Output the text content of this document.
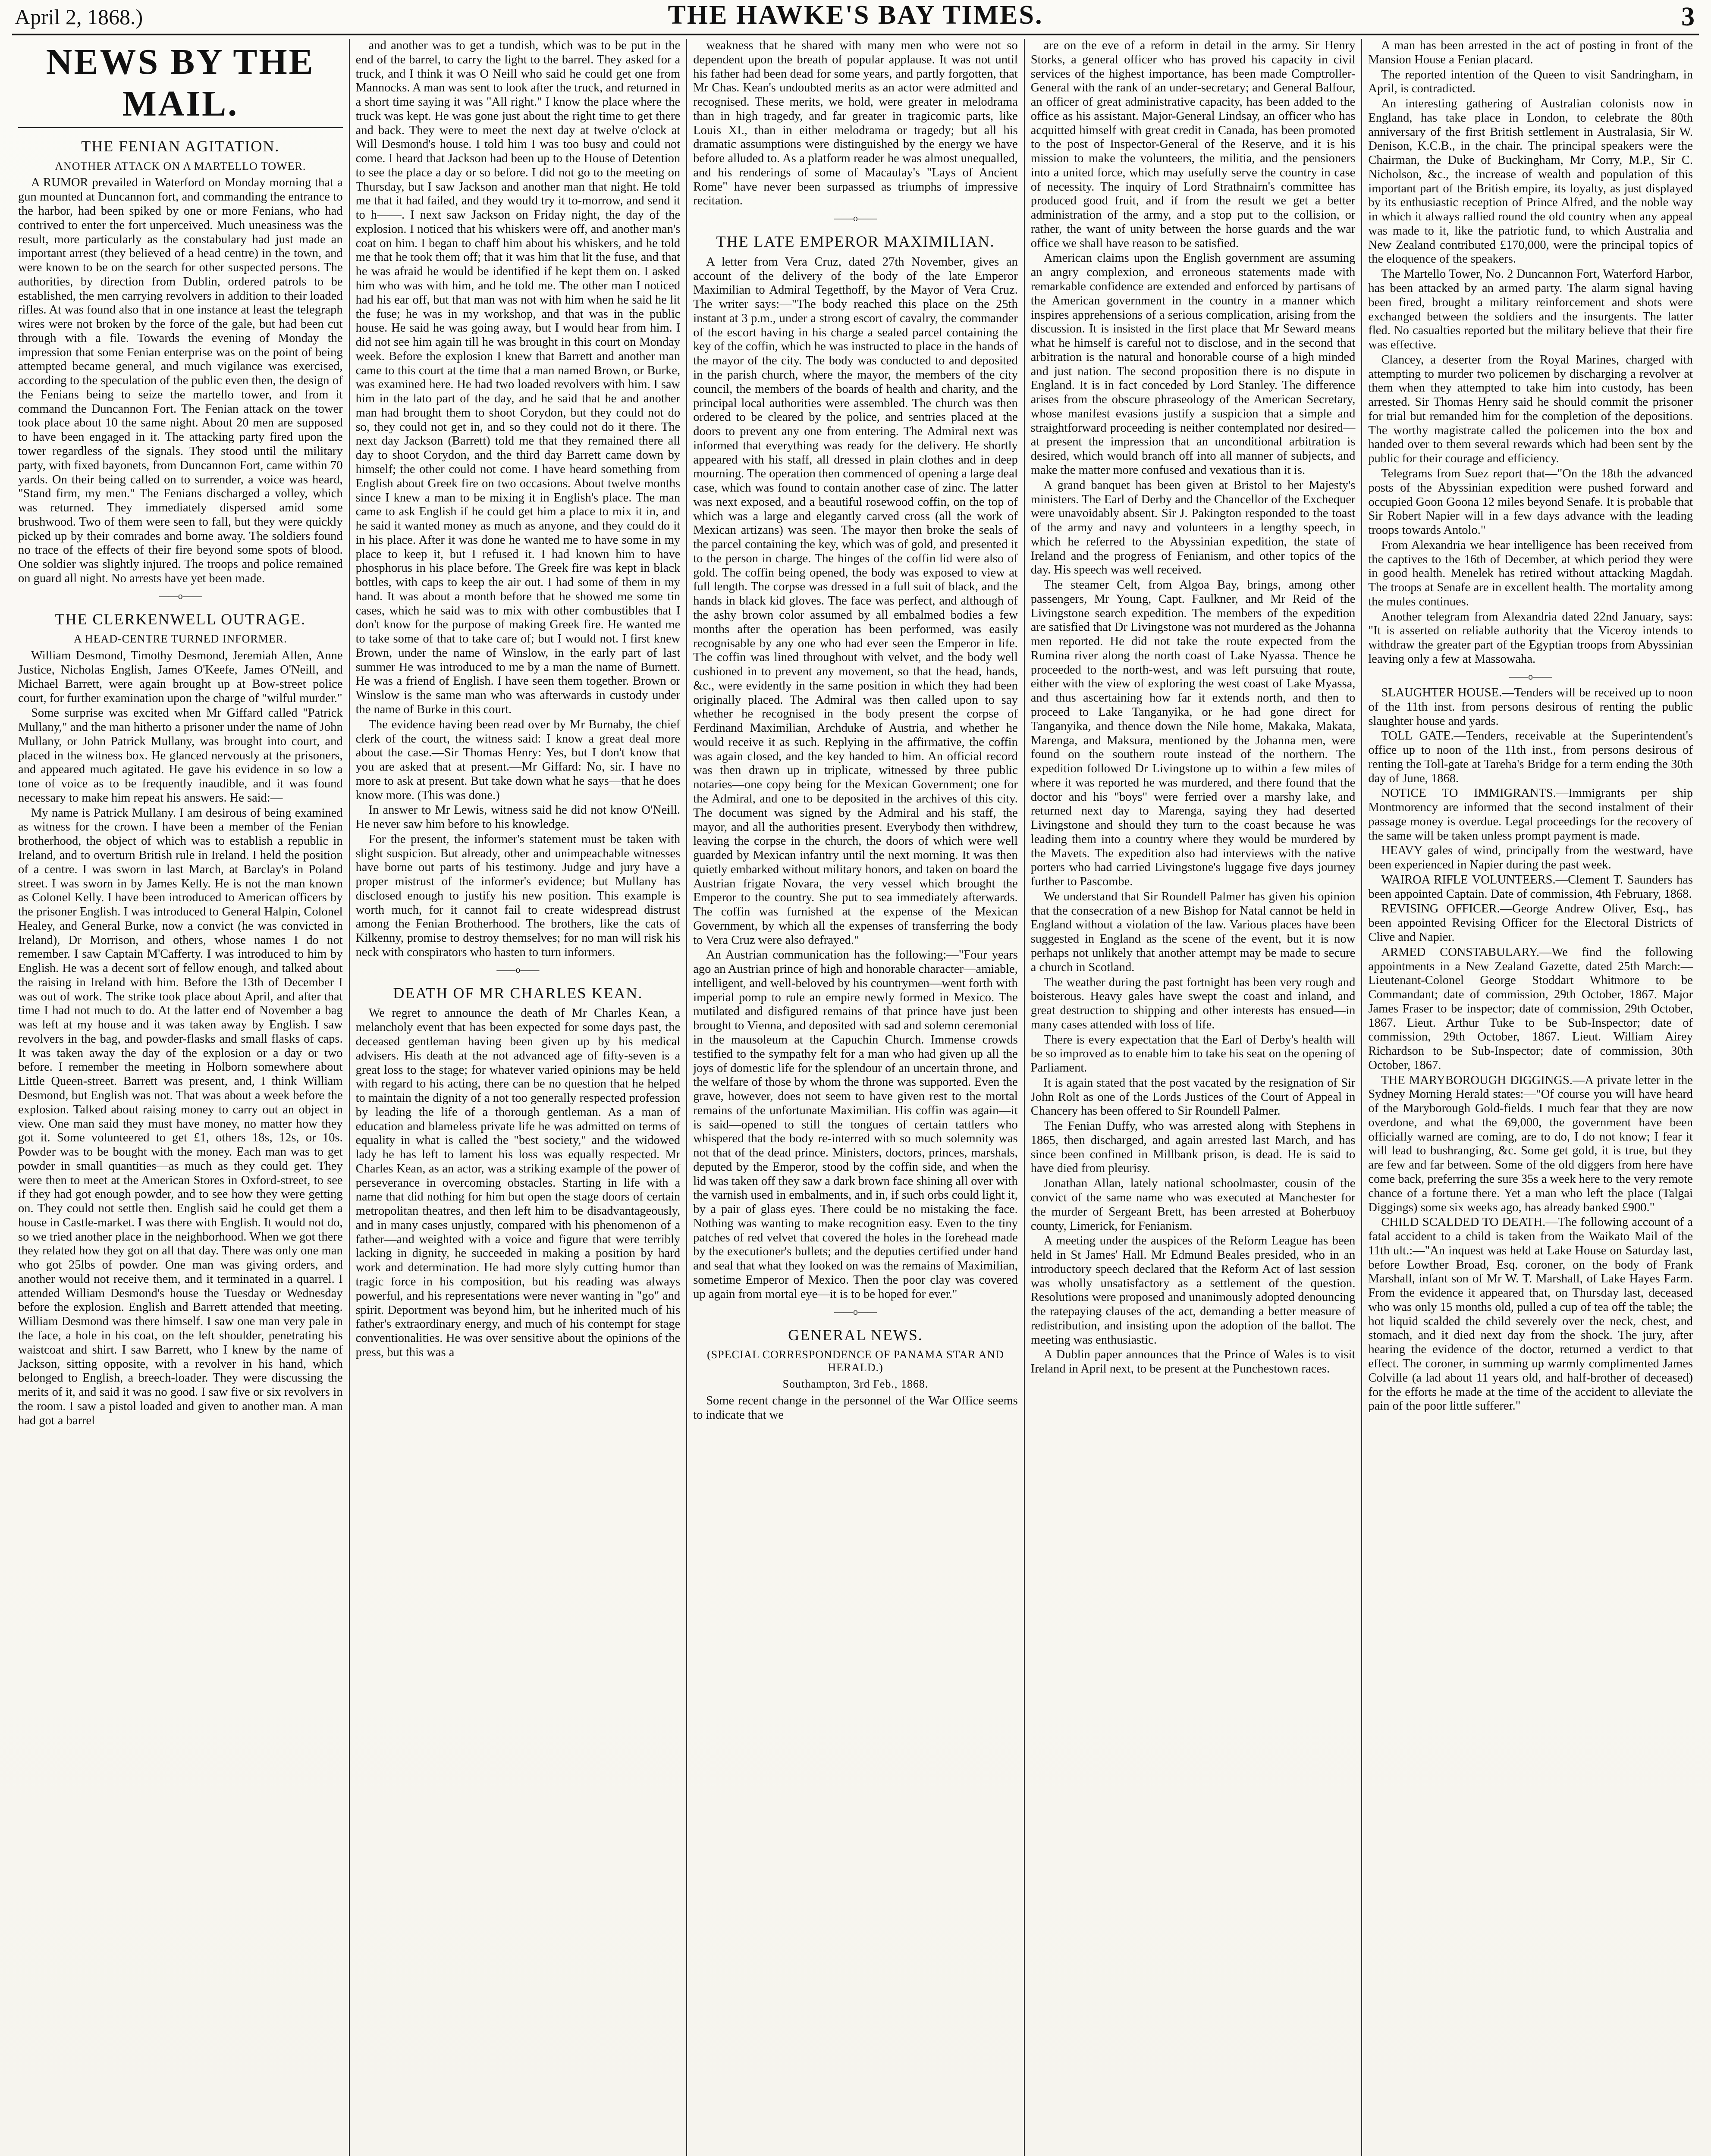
April 2, 1868.)	THE HAWKE'S BAY TIMES.	3
NEWS BY THE MAIL.
THE FENIAN AGITATION.
ANOTHER ATTACK ON A MARTELLO TOWER.

A RUMOR prevailed in Waterford on Monday morning that a gun mounted at Duncannon fort, and commanding the entrance to the harbor, had been spiked by one or more Fenians, who had contrived to enter the fort unperceived. Much uneasiness was the result, more particularly as the constabulary had just made an important arrest (they believed of a head centre) in the town, and were known to be on the search for other suspected persons. The authorities, by direction from Dublin, ordered patrols to be established, the men carrying revolvers in addition to their loaded rifles. At was found also that in one instance at least the telegraph wires were not broken by the force of the gale, but had been cut through with a file. Towards the evening of Monday the impression that some Fenian enterprise was on the point of being attempted became general, and much vigilance was exercised, according to the speculation of the public even then, the design of the Fenians being to seize the martello tower, and from it command the Duncannon Fort. The Fenian attack on the tower took place about 10 the same night. About 20 men are supposed to have been engaged in it. The attacking party fired upon the tower regardless of the signals. They stood until the military party, with fixed bayonets, from Duncannon Fort, came within 70 yards. On their being called on to surrender, a voice was heard, "Stand firm, my men." The Fenians discharged a volley, which was returned. They immediately dispersed amid some brushwood. Two of them were seen to fall, but they were quickly picked up by their comrades and borne away. The soldiers found no trace of the effects of their fire beyond some spots of blood. One soldier was slightly injured. The troops and police remained on guard all night. No arrests have yet been made.

——o——
THE CLERKENWELL OUTRAGE.
A HEAD-CENTRE TURNED INFORMER.

William Desmond, Timothy Desmond, Jeremiah Allen, Anne Justice, Nicholas English, James O'Keefe, James O'Neill, and Michael Barrett, were again brought up at Bow-street police court, for further examination upon the charge of "wilful murder."

Some surprise was excited when Mr Giffard called "Patrick Mullany," and the man hitherto a prisoner under the name of John Mullany, or John Patrick Mullany, was brought into court, and placed in the witness box. He glanced nervously at the prisoners, and appeared much agitated. He gave his evidence in so low a tone of voice as to be frequently inaudible, and it was found necessary to make him repeat his answers. He said:—

My name is Patrick Mullany. I am desirous of being examined as witness for the crown. I have been a member of the Fenian brotherhood, the object of which was to establish a republic in Ireland, and to overturn British rule in Ireland. I held the position of a centre. I was sworn in last March, at Barclay's in Poland street. I was sworn in by James Kelly. He is not the man known as Colonel Kelly. I have been introduced to American officers by the prisoner English. I was introduced to General Halpin, Colonel Healey, and General Burke, now a convict (he was convicted in Ireland), Dr Morrison, and others, whose names I do not remember. I saw Captain M'Cafferty. I was introduced to him by English. He was a decent sort of fellow enough, and talked about the raising in Ireland with him. Before the 13th of December I was out of work. The strike took place about April, and after that time I had not much to do. At the latter end of November a bag was left at my house and it was taken away by English. I saw revolvers in the bag, and powder-flasks and small flasks of caps. It was taken away the day of the explosion or a day or two before. I remember the meeting in Holborn somewhere about Little Queen-street. Barrett was present, and, I think William Desmond, but English was not. That was about a week before the explosion. Talked about raising money to carry out an object in view. One man said they must have money, no matter how they got it. Some volunteered to get £1, others 18s, 12s, or 10s. Powder was to be bought with the money. Each man was to get powder in small quantities—as much as they could get. They were then to meet at the American Stores in Oxford-street, to see if they had got enough powder, and to see how they were getting on. They could not settle then. English said he could get them a house in Castle-market. I was there with English. It would not do, so we tried another place in the neighborhood. When we got there they related how they got on all that day. There was only one man who got 25lbs of powder. One man was giving orders, and another would not receive them, and it terminated in a quarrel. I attended William Desmond's house the Tuesday or Wednesday before the explosion. English and Barrett attended that meeting. William Desmond was there himself. I saw one man very pale in the face, a hole in his coat, on the left shoulder, penetrating his waistcoat and shirt. I saw Barrett, who I knew by the name of Jackson, sitting opposite, with a revolver in his hand, which belonged to English, a breech-loader. They were discussing the merits of it, and said it was no good. I saw five or six revolvers in the room. I saw a pistol loaded and given to another man. A man had got a barrel

and another was to get a tundish, which was to be put in the end of the barrel, to carry the light to the barrel. They asked for a truck, and I think it was O Neill who said he could get one from Mannocks. A man was sent to look after the truck, and returned in a short time saying it was "All right." I know the place where the truck was kept. He was gone just about the right time to get there and back. They were to meet the next day at twelve o'clock at Will Desmond's house. I told him I was too busy and could not come. I heard that Jackson had been up to the House of Detention to see the place a day or so before. I did not go to the meeting on Thursday, but I saw Jackson and another man that night. He told me that it had failed, and they would try it to-morrow, and send it to h——. I next saw Jackson on Friday night, the day of the explosion. I noticed that his whiskers were off, and another man's coat on him. I began to chaff him about his whiskers, and he told me that he took them off; that it was him that lit the fuse, and that he was afraid he would be identified if he kept them on. I asked him who was with him, and he told me. The other man I noticed had his ear off, but that man was not with him when he said he lit the fuse; he was in my workshop, and that was in the public house. He said he was going away, but I would hear from him. I did not see him again till he was brought in this court on Monday week. Before the explosion I knew that Barrett and another man came to this court at the time that a man named Brown, or Burke, was examined here. He had two loaded revolvers with him. I saw him in the lato part of the day, and he said that he and another man had brought them to shoot Corydon, but they could not do so, they could not get in, and so they could not do it there. The next day Jackson (Barrett) told me that they remained there all day to shoot Corydon, and the third day Barrett came down by himself; the other could not come. I have heard something from English about Greek fire on two occasions. About twelve months since I knew a man to be mixing it in English's place. The man came to ask English if he could get him a place to mix it in, and he said it wanted money as much as anyone, and they could do it in his place. After it was done he wanted me to have some in my place to keep it, but I refused it. I had known him to have phosphorus in his place before. The Greek fire was kept in black bottles, with caps to keep the air out. I had some of them in my hand. It was about a month before that he showed me some tin cases, which he said was to mix with other combustibles that I don't know for the purpose of making Greek fire. He wanted me to take some of that to take care of; but I would not. I first knew Brown, under the name of Winslow, in the early part of last summer He was introduced to me by a man the name of Burnett. He was a friend of English. I have seen them together. Brown or Winslow is the same man who was afterwards in custody under the name of Burke in this court.

The evidence having been read over by Mr Burnaby, the chief clerk of the court, the witness said: I know a great deal more about the case.—Sir Thomas Henry: Yes, but I don't know that you are asked that at present.—Mr Giffard: No, sir. I have no more to ask at present. But take down what he says—that he does know more. (This was done.)

In answer to Mr Lewis, witness said he did not know O'Neill. He never saw him before to his knowledge.

For the present, the informer's statement must be taken with slight suspicion. But already, other and unimpeachable witnesses have borne out parts of his testimony. Judge and jury have a proper mistrust of the informer's evidence; but Mullany has disclosed enough to justify his new position. This example is worth much, for it cannot fail to create widespread distrust among the Fenian Brotherhood. The brothers, like the cats of Kilkenny, promise to destroy themselves; for no man will risk his neck with conspirators who hasten to turn informers.

——o——
DEATH OF MR CHARLES KEAN.

We regret to announce the death of Mr Charles Kean, a melancholy event that has been expected for some days past, the deceased gentleman having been given up by his medical advisers. His death at the not advanced age of fifty-seven is a great loss to the stage; for whatever varied opinions may be held with regard to his acting, there can be no question that he helped to maintain the dignity of a not too generally respected profession by leading the life of a thorough gentleman. As a man of education and blameless private life he was admitted on terms of equality in what is called the "best society," and the widowed lady he has left to lament his loss was equally respected. Mr Charles Kean, as an actor, was a striking example of the power of perseverance in overcoming obstacles. Starting in life with a name that did nothing for him but open the stage doors of certain metropolitan theatres, and then left him to be disadvantageously, and in many cases unjustly, compared with his phenomenon of a father—and weighted with a voice and figure that were terribly lacking in dignity, he succeeded in making a position by hard work and determination. He had more slyly cutting humor than tragic force in his composition, but his reading was always powerful, and his representations were never wanting in "go" and spirit. Deportment was beyond him, but he inherited much of his father's extraordinary energy, and much of his contempt for stage conventionalities. He was over sensitive about the opinions of the press, but this was a

weakness that he shared with many men who were not so dependent upon the breath of popular applause. It was not until his father had been dead for some years, and partly forgotten, that Mr Chas. Kean's undoubted merits as an actor were admitted and recognised. These merits, we hold, were greater in melodrama than in high tragedy, and far greater in tragicomic parts, like Louis XI., than in either melodrama or tragedy; but all his dramatic assumptions were distinguished by the energy we have before alluded to. As a platform reader he was almost unequalled, and his renderings of some of Macaulay's "Lays of Ancient Rome" have never been surpassed as triumphs of impressive recitation.

——o——
THE LATE EMPEROR MAXIMILIAN.

A letter from Vera Cruz, dated 27th November, gives an account of the delivery of the body of the late Emperor Maximilian to Admiral Tegetthoff, by the Mayor of Vera Cruz. The writer says:—"The body reached this place on the 25th instant at 3 p.m., under a strong escort of cavalry, the commander of the escort having in his charge a sealed parcel containing the key of the coffin, which he was instructed to place in the hands of the mayor of the city. The body was conducted to and deposited in the parish church, where the mayor, the members of the city council, the members of the boards of health and charity, and the principal local authorities were assembled. The church was then ordered to be cleared by the police, and sentries placed at the doors to prevent any one from entering. The Admiral next was informed that everything was ready for the delivery. He shortly appeared with his staff, all dressed in plain clothes and in deep mourning. The operation then commenced of opening a large deal case, which was found to contain another case of zinc. The latter was next exposed, and a beautiful rosewood coffin, on the top of which was a large and elegantly carved cross (all the work of Mexican artizans) was seen. The mayor then broke the seals of the parcel containing the key, which was of gold, and presented it to the person in charge. The hinges of the coffin lid were also of gold. The coffin being opened, the body was exposed to view at full length. The corpse was dressed in a full suit of black, and the hands in black kid gloves. The face was perfect, and although of the ashy brown color assumed by all embalmed bodies a few months after the operation has been performed, was easily recognisable by any one who had ever seen the Emperor in life. The coffin was lined throughout with velvet, and the body well cushioned in to prevent any movement, so that the head, hands, &c., were evidently in the same position in which they had been originally placed. The Admiral was then called upon to say whether he recognised in the body present the corpse of Ferdinand Maximilian, Archduke of Austria, and whether he would receive it as such. Replying in the affirmative, the coffin was again closed, and the key handed to him. An official record was then drawn up in triplicate, witnessed by three public notaries—one copy being for the Mexican Government; one for the Admiral, and one to be deposited in the archives of this city. The document was signed by the Admiral and his staff, the mayor, and all the authorities present. Everybody then withdrew, leaving the corpse in the church, the doors of which were well guarded by Mexican infantry until the next morning. It was then quietly embarked without military honors, and taken on board the Austrian frigate Novara, the very vessel which brought the Emperor to the country. She put to sea immediately afterwards. The coffin was furnished at the expense of the Mexican Government, by which all the expenses of transferring the body to Vera Cruz were also defrayed."

An Austrian communication has the following:—"Four years ago an Austrian prince of high and honorable character—amiable, intelligent, and well-beloved by his countrymen—went forth with imperial pomp to rule an empire newly formed in Mexico. The mutilated and disfigured remains of that prince have just been brought to Vienna, and deposited with sad and solemn ceremonial in the mausoleum at the Capuchin Church. Immense crowds testified to the sympathy felt for a man who had given up all the joys of domestic life for the splendour of an uncertain throne, and the welfare of those by whom the throne was supported. Even the grave, however, does not seem to have given rest to the mortal remains of the unfortunate Maximilian. His coffin was again—it is said—opened to still the tongues of certain tattlers who whispered that the body re-interred with so much solemnity was not that of the dead prince. Ministers, doctors, princes, marshals, deputed by the Emperor, stood by the coffin side, and when the lid was taken off they saw a dark brown face shining all over with the varnish used in embalments, and in, if such orbs could light it, by a pair of glass eyes. There could be no mistaking the face. Nothing was wanting to make recognition easy. Even to the tiny patches of red velvet that covered the holes in the forehead made by the executioner's bullets; and the deputies certified under hand and seal that what they looked on was the remains of Maximilian, sometime Emperor of Mexico. Then the poor clay was covered up again from mortal eye—it is to be hoped for ever."

——o——
GENERAL NEWS.
(SPECIAL CORRESPONDENCE OF PANAMA STAR AND HERALD.)
Southampton, 3rd Feb., 1868.

Some recent change in the personnel of the War Office seems to indicate that we

are on the eve of a reform in detail in the army. Sir Henry Storks, a general officer who has proved his capacity in civil services of the highest importance, has been made Comptroller-General with the rank of an under-secretary; and General Balfour, an officer of great administrative capacity, has been added to the office as his assistant. Major-General Lindsay, an officer who has acquitted himself with great credit in Canada, has been promoted to the post of Inspector-General of the Reserve, and it is his mission to make the volunteers, the militia, and the pensioners into a united force, which may usefully serve the country in case of necessity. The inquiry of Lord Strathnairn's committee has produced good fruit, and if from the result we get a better administration of the army, and a stop put to the collision, or rather, the want of unity between the horse guards and the war office we shall have reason to be satisfied.

American claims upon the English government are assuming an angry complexion, and erroneous statements made with remarkable confidence are extended and enforced by partisans of the American government in the country in a manner which inspires apprehensions of a serious complication, arising from the discussion. It is insisted in the first place that Mr Seward means what he himself is careful not to disclose, and in the second that arbitration is the natural and honorable course of a high minded and just nation. The second proposition there is no dispute in England. It is in fact conceded by Lord Stanley. The difference arises from the obscure phraseology of the American Secretary, whose manifest evasions justify a suspicion that a simple and straightforward proceeding is neither contemplated nor desired—at present the impression that an unconditional arbitration is desired, which would branch off into all manner of subjects, and make the matter more confused and vexatious than it is.

A grand banquet has been given at Bristol to her Majesty's ministers. The Earl of Derby and the Chancellor of the Exchequer were unavoidably absent. Sir J. Pakington responded to the toast of the army and navy and volunteers in a lengthy speech, in which he referred to the Abyssinian expedition, the state of Ireland and the progress of Fenianism, and other topics of the day. His speech was well received.

The steamer Celt, from Algoa Bay, brings, among other passengers, Mr Young, Capt. Faulkner, and Mr Reid of the Livingstone search expedition. The members of the expedition are satisfied that Dr Livingstone was not murdered as the Johanna men reported. He did not take the route expected from the Rumina river along the north coast of Lake Nyassa. Thence he proceeded to the north-west, and was left pursuing that route, either with the view of exploring the west coast of Lake Myassa, and thus ascertaining how far it extends north, and then to proceed to Lake Tanganyika, or he had gone direct for Tanganyika, and thence down the Nile home, Makaka, Makata, Marenga, and Maksura, mentioned by the Johanna men, were found on the southern route instead of the northern. The expedition followed Dr Livingstone up to within a few miles of where it was reported he was murdered, and there found that the doctor and his "boys" were ferried over a marshy lake, and returned next day to Marenga, saying they had deserted Livingstone and should they turn to the coast because he was leading them into a country where they would be murdered by the Mavets. The expedition also had interviews with the native porters who had carried Livingstone's luggage five days journey further to Pascombe.

We understand that Sir Roundell Palmer has given his opinion that the consecration of a new Bishop for Natal cannot be held in England without a violation of the law. Various places have been suggested in England as the scene of the event, but it is now perhaps not unlikely that another attempt may be made to secure a church in Scotland.

The weather during the past fortnight has been very rough and boisterous. Heavy gales have swept the coast and inland, and great destruction to shipping and other interests has ensued—in many cases attended with loss of life.

There is every expectation that the Earl of Derby's health will be so improved as to enable him to take his seat on the opening of Parliament.

It is again stated that the post vacated by the resignation of Sir John Rolt as one of the Lords Justices of the Court of Appeal in Chancery has been offered to Sir Roundell Palmer.

The Fenian Duffy, who was arrested along with Stephens in 1865, then discharged, and again arrested last March, and has since been confined in Millbank prison, is dead. He is said to have died from pleurisy.

Jonathan Allan, lately national schoolmaster, cousin of the convict of the same name who was executed at Manchester for the murder of Sergeant Brett, has been arrested at Boherbuoy county, Limerick, for Fenianism.

A meeting under the auspices of the Reform League has been held in St James' Hall. Mr Edmund Beales presided, who in an introductory speech declared that the Reform Act of last session was wholly unsatisfactory as a settlement of the question. Resolutions were proposed and unanimously adopted denouncing the ratepaying clauses of the act, demanding a better measure of redistribution, and insisting upon the adoption of the ballot. The meeting was enthusiastic.

A Dublin paper announces that the Prince of Wales is to visit Ireland in April next, to be present at the Punchestown races.

A man has been arrested in the act of posting in front of the Mansion House a Fenian placard.

The reported intention of the Queen to visit Sandringham, in April, is contradicted.

An interesting gathering of Australian colonists now in England, has take place in London, to celebrate the 80th anniversary of the first British settlement in Australasia, Sir W. Denison, K.C.B., in the chair. The principal speakers were the Chairman, the Duke of Buckingham, Mr Corry, M.P., Sir C. Nicholson, &c., the increase of wealth and population of this important part of the British empire, its loyalty, as just displayed by its enthusiastic reception of Prince Alfred, and the noble way in which it always rallied round the old country when any appeal was made to it, like the patriotic fund, to which Australia and New Zealand contributed £170,000, were the principal topics of the eloquence of the speakers.

The Martello Tower, No. 2 Duncannon Fort, Waterford Harbor, has been attacked by an armed party. The alarm signal having been fired, brought a military reinforcement and shots were exchanged between the soldiers and the insurgents. The latter fled. No casualties reported but the military believe that their fire was effective.

Clancey, a deserter from the Royal Marines, charged with attempting to murder two policemen by discharging a revolver at them when they attempted to take him into custody, has been arrested. Sir Thomas Henry said he should commit the prisoner for trial but remanded him for the completion of the depositions. The worthy magistrate called the policemen into the box and handed over to them several rewards which had been sent by the public for their courage and efficiency.

Telegrams from Suez report that—"On the 18th the advanced posts of the Abyssinian expedition were pushed forward and occupied Goon Goona 12 miles beyond Senafe. It is probable that Sir Robert Napier will in a few days advance with the leading troops towards Antolo."

From Alexandria we hear intelligence has been received from the captives to the 16th of December, at which period they were in good health. Menelek has retired without attacking Magdah. The troops at Senafe are in excellent health. The mortality among the mules continues.

Another telegram from Alexandria dated 22nd January, says: "It is asserted on reliable authority that the Viceroy intends to withdraw the greater part of the Egyptian troops from Abyssinian leaving only a few at Massowaha.

——o——

SLAUGHTER HOUSE.—Tenders will be received up to noon of the 11th inst. from persons desirous of renting the public slaughter house and yards.

TOLL GATE.—Tenders, receivable at the Superintendent's office up to noon of the 11th inst., from persons desirous of renting the Toll-gate at Tareha's Bridge for a term ending the 30th day of June, 1868.

NOTICE TO IMMIGRANTS.—Immigrants per ship Montmorency are informed that the second instalment of their passage money is overdue. Legal proceedings for the recovery of the same will be taken unless prompt payment is made.

HEAVY gales of wind, principally from the westward, have been experienced in Napier during the past week.

WAIROA RIFLE VOLUNTEERS.—Clement T. Saunders has been appointed Captain. Date of commission, 4th February, 1868.

REVISING OFFICER.—George Andrew Oliver, Esq., has been appointed Revising Officer for the Electoral Districts of Clive and Napier.

ARMED CONSTABULARY.—We find the following appointments in a New Zealand Gazette, dated 25th March:—Lieutenant-Colonel George Stoddart Whitmore to be Commandant; date of commission, 29th October, 1867. Major James Fraser to be inspector; date of commission, 29th October, 1867. Lieut. Arthur Tuke to be Sub-Inspector; date of commission, 29th October, 1867. Lieut. William Airey Richardson to be Sub-Inspector; date of commission, 30th October, 1867.

THE MARYBOROUGH DIGGINGS.—A private letter in the Sydney Morning Herald states:—"Of course you will have heard of the Maryborough Gold-fields. I much fear that they are now overdone, and what the 69,000, the government have been officially warned are coming, are to do, I do not know; I fear it will lead to bushranging, &c. Some get gold, it is true, but they are few and far between. Some of the old diggers from here have come back, preferring the sure 35s a week here to the very remote chance of a fortune there. Yet a man who left the place (Talgai Diggings) some six weeks ago, has already banked £900."

CHILD SCALDED TO DEATH.—The following account of a fatal accident to a child is taken from the Waikato Mail of the 11th ult.:—"An inquest was held at Lake House on Saturday last, before Lowther Broad, Esq. coroner, on the body of Frank Marshall, infant son of Mr W. T. Marshall, of Lake Hayes Farm. From the evidence it appeared that, on Thursday last, deceased who was only 15 months old, pulled a cup of tea off the table; the hot liquid scalded the child severely over the neck, chest, and stomach, and it died next day from the shock. The jury, after hearing the evidence of the doctor, returned a verdict to that effect. The coroner, in summing up warmly complimented James Colville (a lad about 11 years old, and half-brother of deceased) for the efforts he made at the time of the accident to alleviate the pain of the poor little sufferer."
